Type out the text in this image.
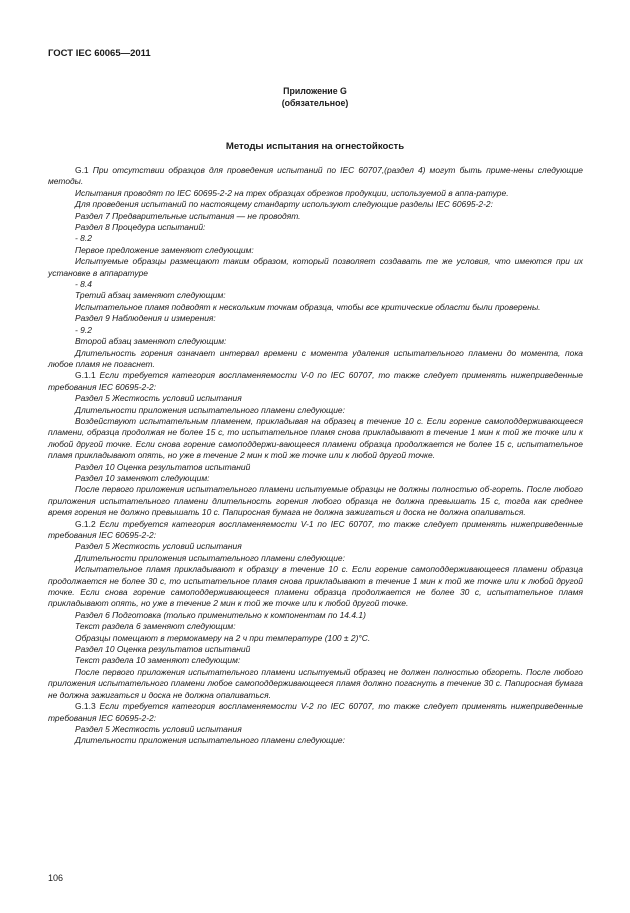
ГОСТ IEC 60065—2011
Приложение G
(обязательное)
Методы испытания на огнестойкость

G.1 При отсутствии образцов для проведения испытаний по IEC 60707,(раздел 4) могут быть приме-нены следующие методы.

Испытания проводят по IEC 60695-2-2 на трех образцах обрезков продукции, используемой в аппа-ратуре.

Для проведения испытаний по настоящему стандарту используют следующие разделы IEC 60695-2-2:

Раздел 7 Предварительные испытания — не проводят.

Раздел 8 Процедура испытаний:

- 8.2

Первое предложение заменяют следующим:

Испытуемые образцы размещают таким образом, который позволяет создавать те же условия, что имеются при их установке в аппаратуре

- 8.4

Третий абзац заменяют следующим:

Испытательное пламя подводят к нескольким точкам образца, чтобы все критические области были проверены.

Раздел 9 Наблюдения и измерения:

- 9.2

Второй абзац заменяют следующим:

Длительность горения означает интервал времени с момента удаления испытательного пламени до момента, пока любое пламя не погаснет.

G.1.1 Если требуется категория воспламеняемости V-0 по IEC 60707, то также следует применять нижеприведенные требования IEC 60695-2-2:

Раздел 5 Жесткость условий испытания

Длительности приложения испытательного пламени следующие:

Воздействуют испытательным пламенем, прикладывая на образец в течение 10 с. Если горение самоподдерживающееся пламени, образца продолжая не более 15 с, то испытательное пламя снова прикладывают в течение 1 мин к той же точке или к любой другой точке. Если снова горение самоподдержи-вающееся пламени образца продолжается не более 15 с, испытательное пламя прикладывают опять, но уже в течение 2 мин к той же точке или к любой другой точке.

Раздел 10 Оценка результатов испытаний

Раздел 10 заменяют следующим:

После первого приложения испытательного пламени испытуемые образцы не должны полностью об-гореть. После любого приложения испытательного пламени длительность горения любого образца не должна превышать 15 с, тогда как среднее время горения не должно превышать 10 с. Папиросная бумага не должна зажигаться и доска не должна опаливаться.

G.1.2 Если требуется категория воспламеняемости V-1 по IEC 60707, то также следует применять нижеприведенные требования IEC 60695-2-2:

Раздел 5 Жесткость условий испытания

Длительности приложения испытательного пламени следующие:

Испытательное пламя прикладывают к образцу в течение 10 с. Если горение самоподдерживающееся пламени образца продолжается не более 30 с, то испытательное пламя снова прикладывают в течение 1 мин к той же точке или к любой другой точке. Если снова горение самоподдерживающееся пламени образца продолжается не более 30 с, испытательное пламя прикладывают опять, но уже в течение 2 мин к той же точке или к любой другой точке.

Раздел 6 Подготовка (только применительно к компонентам по 14.4.1)

Текст раздела 6 заменяют следующим:

Образцы помещают в термокамеру на 2 ч при температуре (100 ± 2)°С.

Раздел 10 Оценка результатов испытаний

Текст раздела 10 заменяют следующим:

После первого приложения испытательного пламени испытуемый образец не должен полностью обгореть. После любого приложения испытательного пламени любое самоподдерживающееся пламя должно погаснуть в течение 30 с. Папиросная бумага не должна зажигаться и доска не должна опаливаться.

G.1.3 Если требуется категория воспламеняемости V-2 по IEC 60707, то также следует применять нижеприведенные требования IEC 60695-2-2:

Раздел 5 Жесткость условий испытания

Длительности приложения испытательного пламени следующие:

106
